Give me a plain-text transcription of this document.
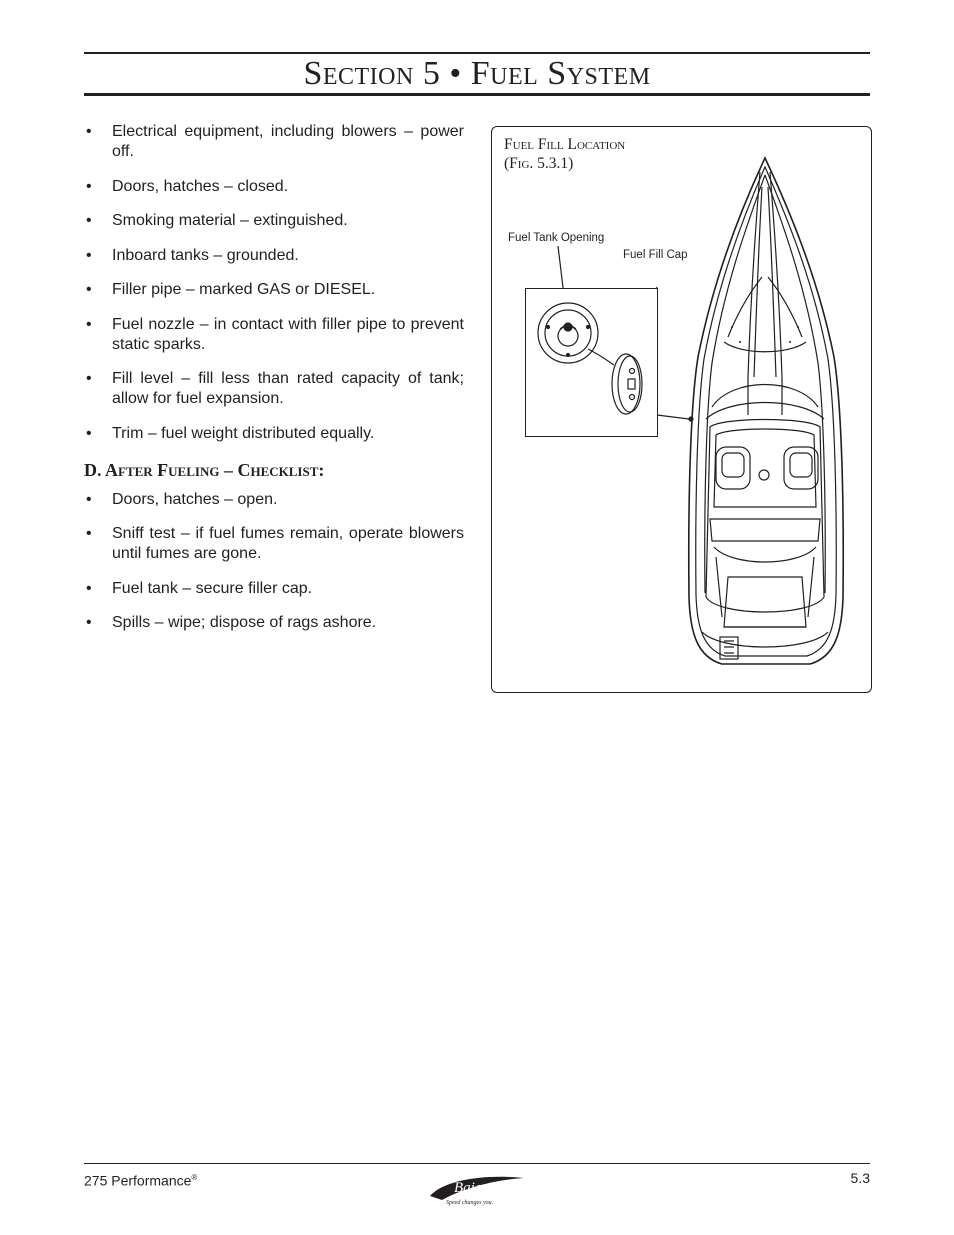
Section 5 • Fuel System
• Electrical equipment, including blowers – power off.
• Doors, hatches – closed.
• Smoking material – extinguished.
• Inboard tanks – grounded.
• Filler pipe – marked GAS or DIESEL.
• Fuel nozzle – in contact with filler pipe to prevent static sparks.
• Fill level – fill less than rated capacity of tank; allow for fuel expansion.
• Trim – fuel weight distributed equally.
D. After Fueling – Checklist:
• Doors, hatches – open.
• Sniff test – if fuel fumes remain, operate blowers until fumes are gone.
• Fuel tank – secure filler cap.
• Spills – wipe; dispose of rags ashore.
Fuel Fill Location
(Fig. 5.3.1)
Fuel Tank Opening
Fuel Fill Cap
275 Performance®
Baja
Speed changes you.
5.3
